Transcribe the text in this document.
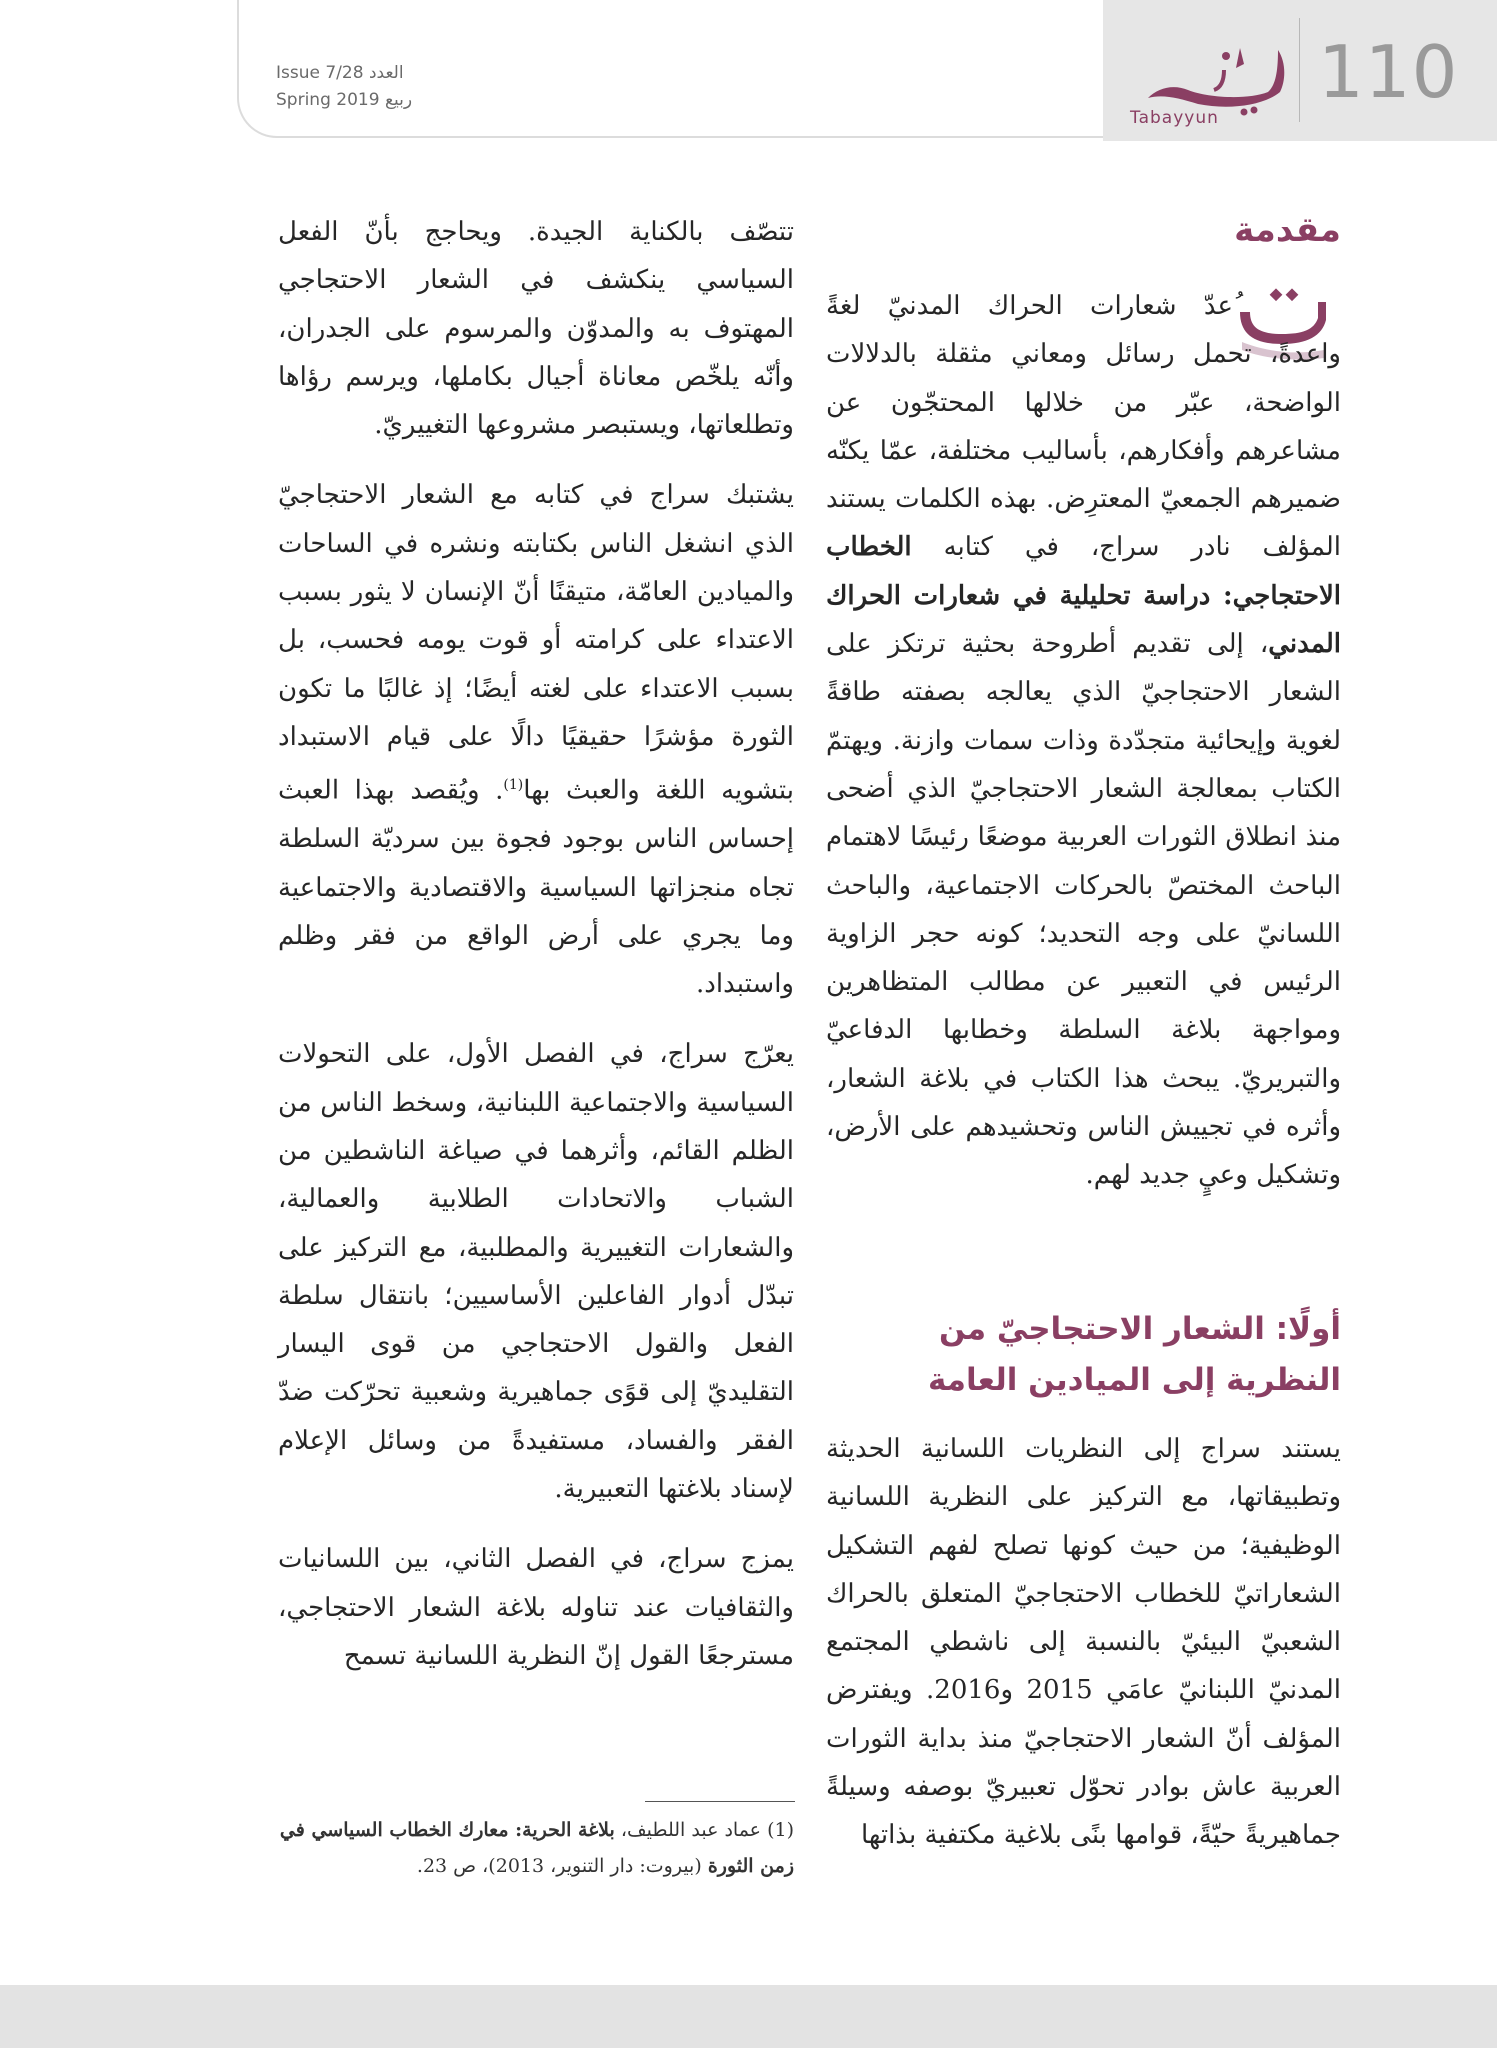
110
Tabayyun
Issue 7/28 العدد
Spring 2019 ربيع
مقدمة

ُعدّ شعارات الحراك المدنيّ لغةً واعدةً، تحمل رسائل ومعاني مثقلة بالدلالات الواضحة، عبّر من خلالها المحتجّون عن مشاعرهم وأفكارهم، بأساليب مختلفة، عمّا يكنّه ضميرهم الجمعيّ المعترِض. بهذه الكلمات يستند المؤلف نادر سراج، في كتابه الخطاب الاحتجاجي: دراسة تحليلية في شعارات الحراك المدني، إلى تقديم أطروحة بحثية ترتكز على الشعار الاحتجاجيّ الذي يعالجه بصفته طاقةً لغوية وإيحائية متجدّدة وذات سمات وازنة. ويهتمّ الكتاب بمعالجة الشعار الاحتجاجيّ الذي أضحى منذ انطلاق الثورات العربية موضعًا رئيسًا لاهتمام الباحث المختصّ بالحركات الاجتماعية، والباحث اللسانيّ على وجه التحديد؛ كونه حجر الزاوية الرئيس في التعبير عن مطالب المتظاهرين ومواجهة بلاغة السلطة وخطابها الدفاعيّ والتبريريّ. يبحث هذا الكتاب في بلاغة الشعار، وأثره في تجييش الناس وتحشيدهم على الأرض، وتشكيل وعيٍ جديد لهم.

أولًا: الشعار الاحتجاجيّ من النظرية إلى الميادين العامة

يستند سراج إلى النظريات اللسانية الحديثة وتطبيقاتها، مع التركيز على النظرية اللسانية الوظيفية؛ من حيث كونها تصلح لفهم التشكيل الشعاراتيّ للخطاب الاحتجاجيّ المتعلق بالحراك الشعبيّ البيئيّ بالنسبة إلى ناشطي المجتمع المدنيّ اللبنانيّ عامَي 2015 و2016. ويفترض المؤلف أنّ الشعار الاحتجاجيّ منذ بداية الثورات العربية عاش بوادر تحوّل تعبيريّ بوصفه وسيلةً جماهيريةً حيّةً، قوامها بنًى بلاغية مكتفية بذاتها

تتصّف بالكناية الجيدة. ويحاجج بأنّ الفعل السياسي ينكشف في الشعار الاحتجاجي المهتوف به والمدوّن والمرسوم على الجدران، وأنّه يلخّص معاناة أجيال بكاملها، ويرسم رؤاها وتطلعاتها، ويستبصر مشروعها التغييريّ.

يشتبك سراج في كتابه مع الشعار الاحتجاجيّ الذي انشغل الناس بكتابته ونشره في الساحات والميادين العامّة، متيقنًا أنّ الإنسان لا يثور بسبب الاعتداء على كرامته أو قوت يومه فحسب، بل بسبب الاعتداء على لغته أيضًا؛ إذ غالبًا ما تكون الثورة مؤشرًا حقيقيًا دالًا على قيام الاستبداد بتشويه اللغة والعبث بها$^{(1)}$. ويُقصد بهذا العبث إحساس الناس بوجود فجوة بين سرديّة السلطة تجاه منجزاتها السياسية والاقتصادية والاجتماعية وما يجري على أرض الواقع من فقر وظلم واستبداد.

يعرّج سراج، في الفصل الأول، على التحولات السياسية والاجتماعية اللبنانية، وسخط الناس من الظلم القائم، وأثرهما في صياغة الناشطين من الشباب والاتحادات الطلابية والعمالية، والشعارات التغييرية والمطلبية، مع التركيز على تبدّل أدوار الفاعلين الأساسيين؛ بانتقال سلطة الفعل والقول الاحتجاجي من قوى اليسار التقليديّ إلى قوًى جماهيرية وشعبية تحرّكت ضدّ الفقر والفساد، مستفيدةً من وسائل الإعلام لإسناد بلاغتها التعبيرية.

يمزج سراج، في الفصل الثاني، بين اللسانيات والثقافيات عند تناوله بلاغة الشعار الاحتجاجي، مسترجعًا القول إنّ النظرية اللسانية تسمح

(1) عماد عبد اللطيف، بلاغة الحرية: معارك الخطاب السياسي في زمن الثورة (بيروت: دار التنوير، 2013)، ص 23.
